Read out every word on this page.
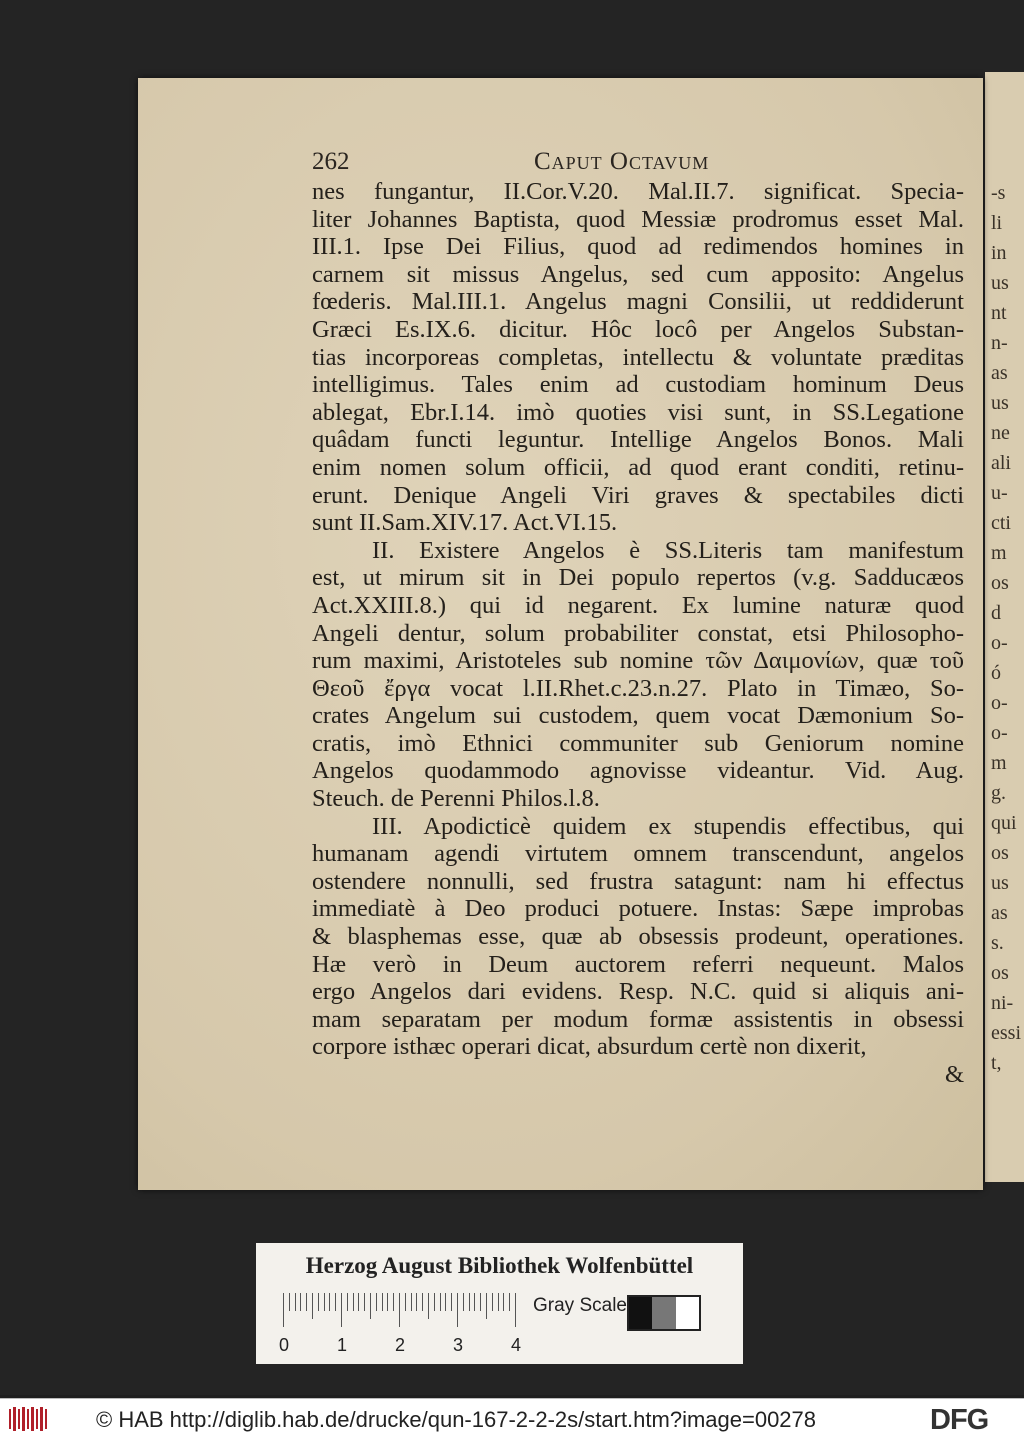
-s
li
in
us
nt
n-
as
us
ne
ali
u-
cti
m
os
d
o-
ó
o-
o-
m
g.
qui
os
us
as
s.
os
ni-
essi
t,
262	Caput Octavum
nes fungantur, II.Cor.V.20. Mal.II.7. significat. Specia-
liter Johannes Baptista, quod Messiæ prodromus esset Mal.
III.1. Ipse Dei Filius, quod ad redimendos homines in
carnem sit missus Angelus, sed cum apposito: Angelus
fœderis. Mal.III.1. Angelus magni Consilii, ut reddiderunt
Græci Es.IX.6. dicitur. Hôc locô per Angelos Substan-
tias incorporeas completas, intellectu & voluntate præditas
intelligimus. Tales enim ad custodiam hominum Deus
ablegat, Ebr.I.14. imò quoties visi sunt, in SS.Legatione
quâdam functi leguntur. Intellige Angelos Bonos. Mali
enim nomen solum officii, ad quod erant conditi, retinu-
erunt. Denique Angeli Viri graves & spectabiles dicti
sunt II.Sam.XIV.17. Act.VI.15.
II. Existere Angelos è SS.Literis tam manifestum
est, ut mirum sit in Dei populo repertos (v.g. Sadducæos
Act.XXIII.8.) qui id negarent. Ex lumine naturæ quod
Angeli dentur, solum probabiliter constat, etsi Philosopho-
rum maximi, Aristoteles sub nomine τῶν Δαιμονίων, quæ τοῦ
Θεοῦ ἔργα vocat l.II.Rhet.c.23.n.27. Plato in Timæo, So-
crates Angelum sui custodem, quem vocat Dæmonium So-
cratis, imò Ethnici communiter sub Geniorum nomine
Angelos quodammodo agnovisse videantur. Vid. Aug.
Steuch. de Perenni Philos.l.8.
III. Apodicticè quidem ex stupendis effectibus, qui
humanam agendi virtutem omnem transcendunt, angelos
ostendere nonnulli, sed frustra satagunt: nam hi effectus
immediatè à Deo produci potuere. Instas: Sæpe improbas
& blasphemas esse, quæ ab obsessis prodeunt, operationes.
Hæ verò in Deum auctorem referri nequeunt. Malos
ergo Angelos dari evidens. Resp. N.C. quid si aliquis ani-
mam separatam per modum formæ assistentis in obsessi
corpore isthæc operari dicat, absurdum certè non dixerit,
&
Herzog August Bibliothek Wolfenbüttel
0	1	2	3	4
Gray Scale
© HAB http://diglib.hab.de/drucke/qun-167-2-2-2s/start.htm?image=00278	DFG
